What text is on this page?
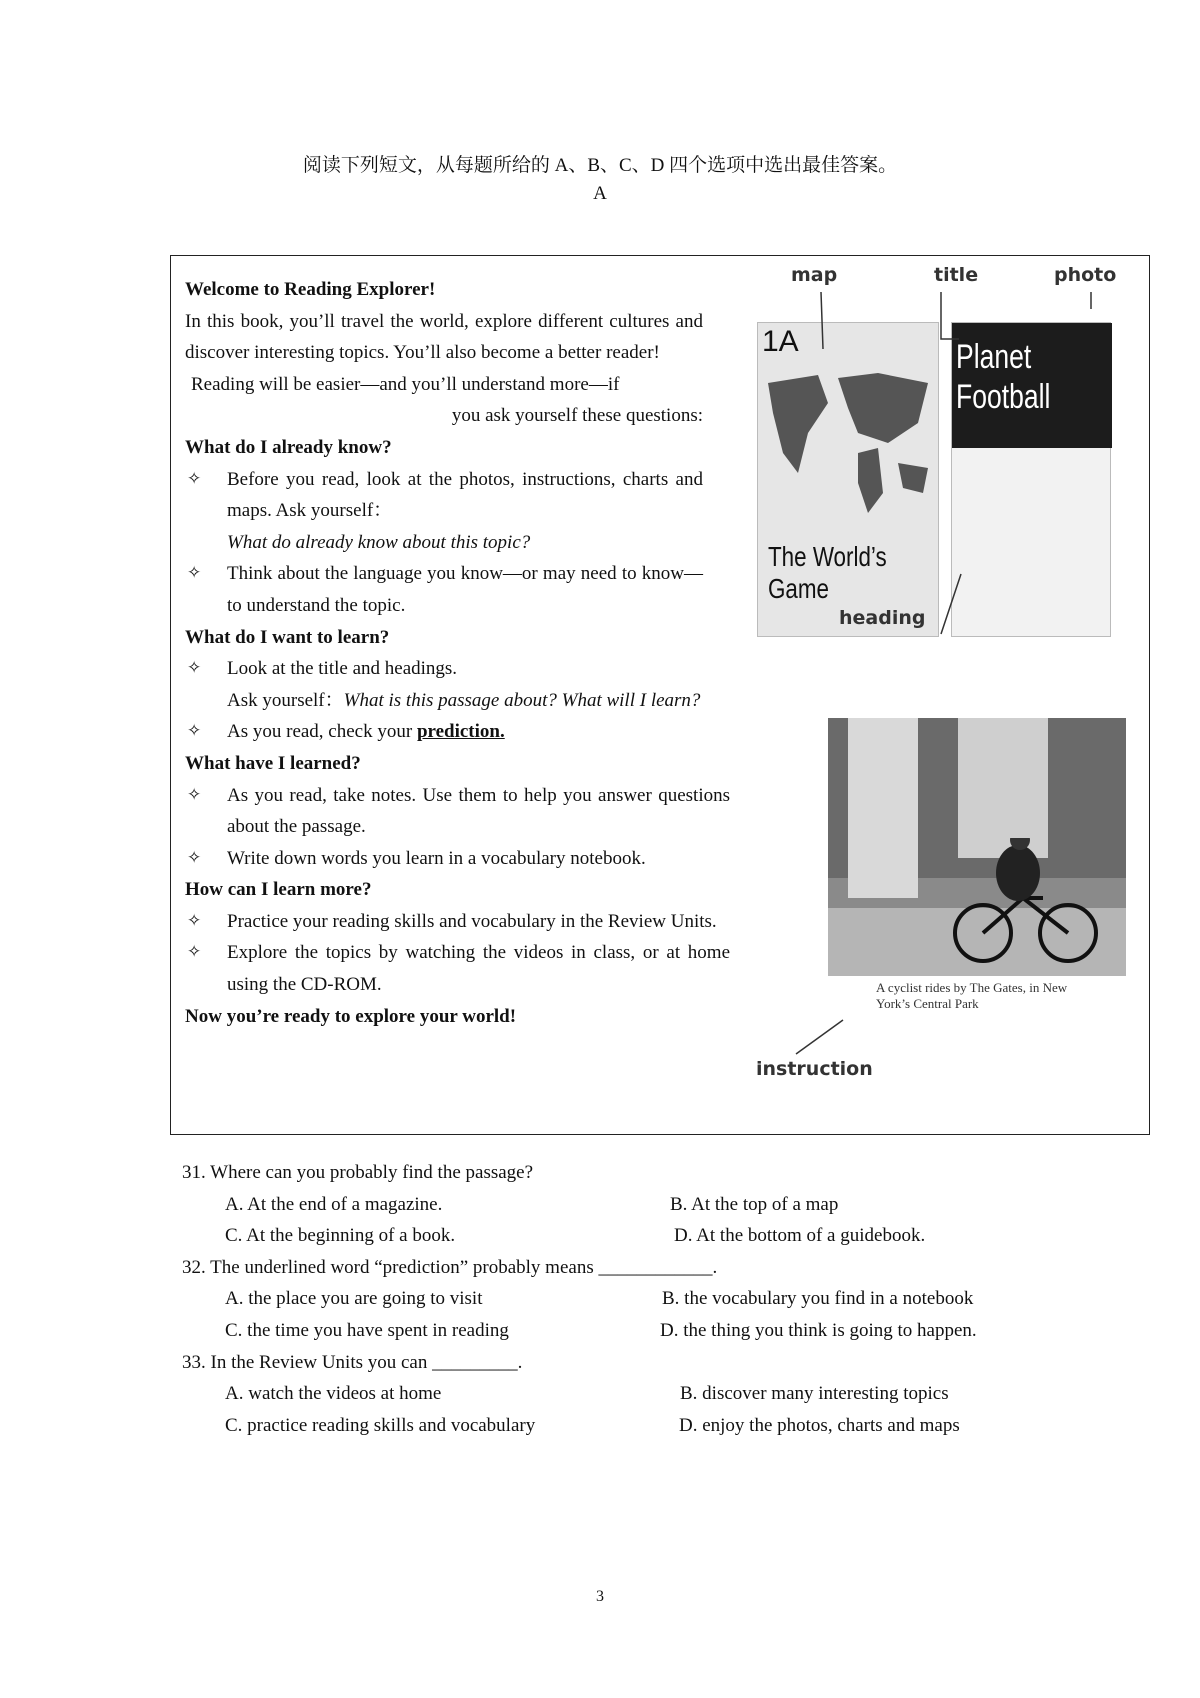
阅读下列短文，从每题所给的 A、B、C、D 四个选项中选出最佳答案。
A
Welcome to Reading Explorer!
In this book, you’ll travel the world, explore different cultures and discover interesting topics. You’ll also become a better reader!
Reading will be easier—and you’ll understand more—if
you ask yourself these questions:
What do I already know?
✧ Before you read, look at the photos, instructions, charts and maps. Ask yourself：
What do already know about this topic?
✧ Think about the language you know—or may need to know—to understand the topic.
What do I want to learn?
✧ Look at the title and headings.
Ask yourself：What is this passage about? What will I learn?
✧ As you read, check your prediction.
What have I learned?
✧ As you read, take notes. Use them to help you answer questions about the passage.
✧ Write down words you learn in a vocabulary notebook.
How can I learn more?
✧ Practice your reading skills and vocabulary in the Review Units.
✧ Explore the topics by watching the videos in class, or at home using the CD-ROM.
Now you’re ready to explore your world!
map	title	photo
1A
The World’s Game
Planet
Football
heading
A cyclist rides by The Gates, in New York’s Central Park
instruction
31. Where can you probably find the passage?
A. At the end of a magazine.	B. At the top of a map
C. At the beginning of a book.	D. At the bottom of a guidebook.
32. The underlined word “prediction” probably means ____________.
A. the place you are going to visit	B. the vocabulary you find in a notebook
C. the time you have spent in reading	D. the thing you think is going to happen.
33. In the Review Units you can _________.
A. watch the videos at home	B. discover many interesting topics
C. practice reading skills and vocabulary	D. enjoy the photos, charts and maps
3
